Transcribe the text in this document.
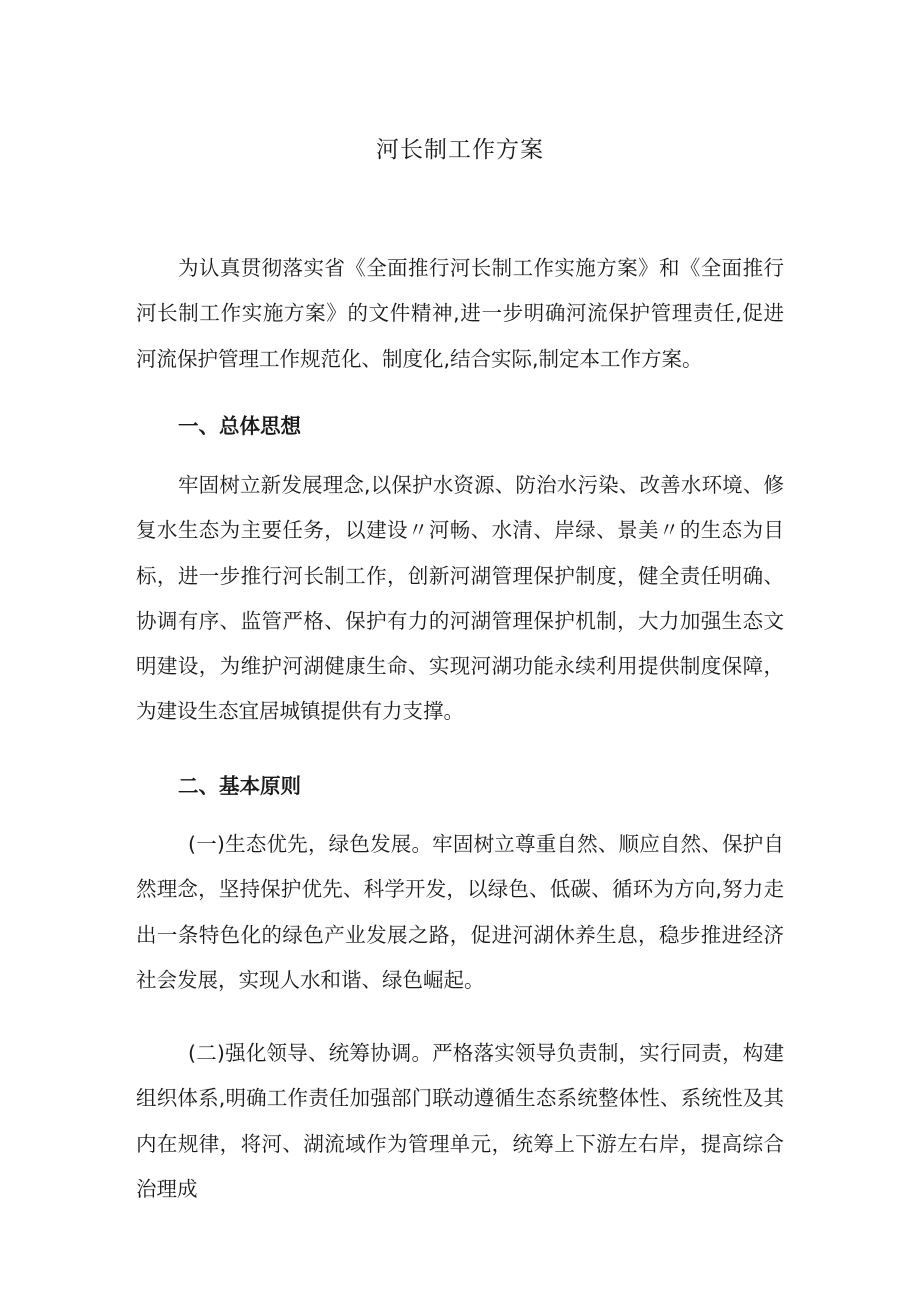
河长制工作方案

为认真贯彻落实省《全面推行河长制工作实施方案》和《全面推行河长制工作实施方案》的文件精神,进一步明确河流保护管理责任,促进河流保护管理工作规范化、制度化,结合实际,制定本工作方案。

一、总体思想

牢固树立新发展理念,以保护水资源、防治水污染、改善水环境、修复水生态为主要任务，以建设〃河畅、水清、岸绿、景美〃的生态为目标，进一步推行河长制工作，创新河湖管理保护制度，健全责任明确、协调有序、监管严格、保护有力的河湖管理保护机制，大力加强生态文明建设，为维护河湖健康生命、实现河湖功能永续利用提供制度保障，为建设生态宜居城镇提供有力支撑。

二、基本原则

(一)生态优先，绿色发展。牢固树立尊重自然、顺应自然、保护自然理念，坚持保护优先、科学开发，以绿色、低碳、循环为方向,努力走出一条特色化的绿色产业发展之路，促进河湖休养生息，稳步推进经济社会发展，实现人水和谐、绿色崛起。

(二)强化领导、统筹协调。严格落实领导负责制，实行同责，构建组织体系,明确工作责任加强部门联动遵循生态系统整体性、系统性及其内在规律，将河、湖流域作为管理单元，统筹上下游左右岸，提高综合治理成
